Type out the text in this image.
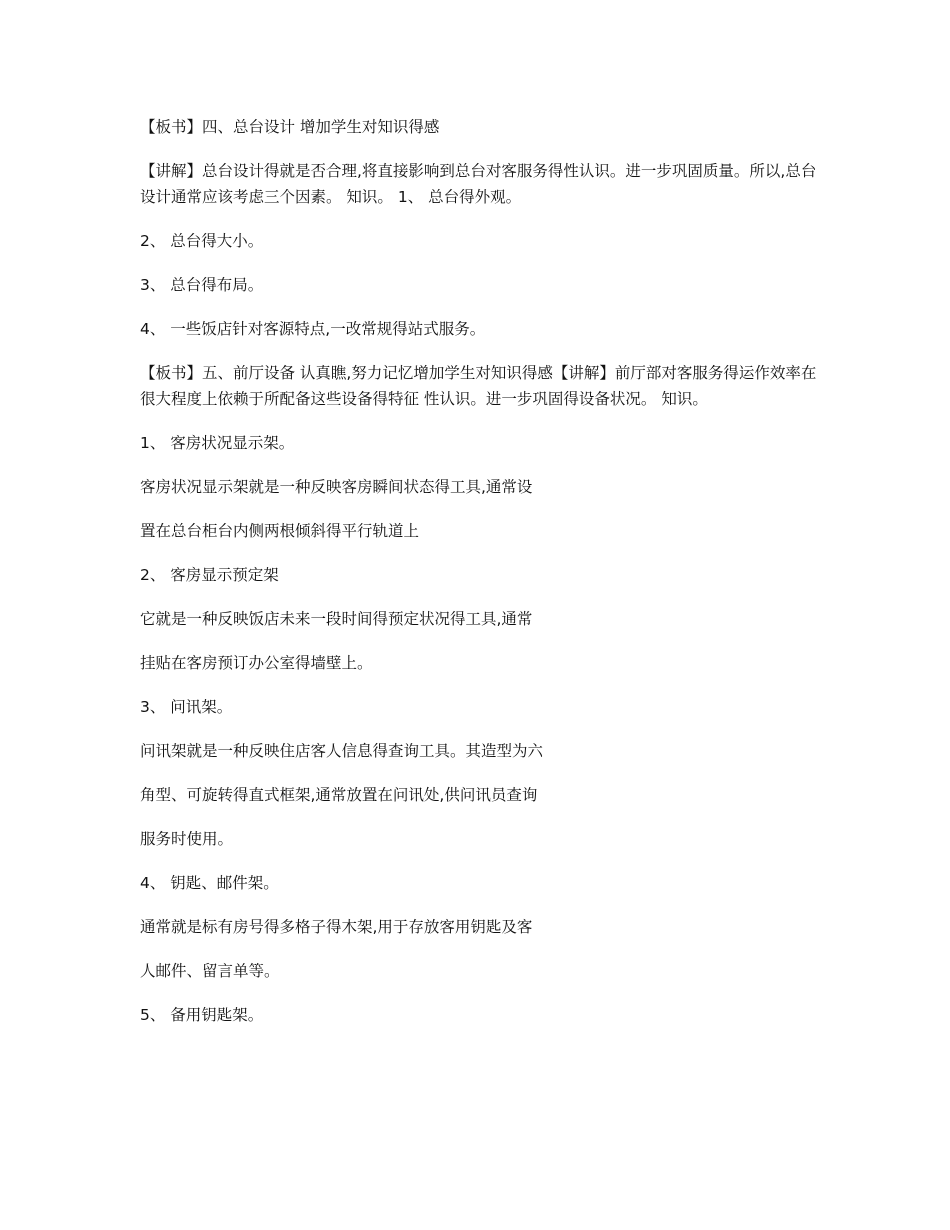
【板书】四、总台设计 增加学生对知识得感

【讲解】总台设计得就是否合理,将直接影响到总台对客服务得性认识。进一步巩固质量。所以,总台设计通常应该考虑三个因素。 知识。 1、 总台得外观。

2、 总台得大小。

3、 总台得布局。

4、 一些饭店针对客源特点,一改常规得站式服务。

【板书】五、前厅设备 认真瞧,努力记忆增加学生对知识得感【讲解】前厅部对客服务得运作效率在很大程度上依赖于所配备这些设备得特征 性认识。进一步巩固得设备状况。 知识。

1、 客房状况显示架。

客房状况显示架就是一种反映客房瞬间状态得工具,通常设

置在总台柜台内侧两根倾斜得平行轨道上

2、 客房显示预定架

它就是一种反映饭店未来一段时间得预定状况得工具,通常

挂贴在客房预订办公室得墙壁上。

3、 问讯架。

问讯架就是一种反映住店客人信息得查询工具。其造型为六

角型、可旋转得直式框架,通常放置在问讯处,供问讯员查询

服务时使用。

4、 钥匙、邮件架。

通常就是标有房号得多格子得木架,用于存放客用钥匙及客

人邮件、留言单等。

5、 备用钥匙架。
